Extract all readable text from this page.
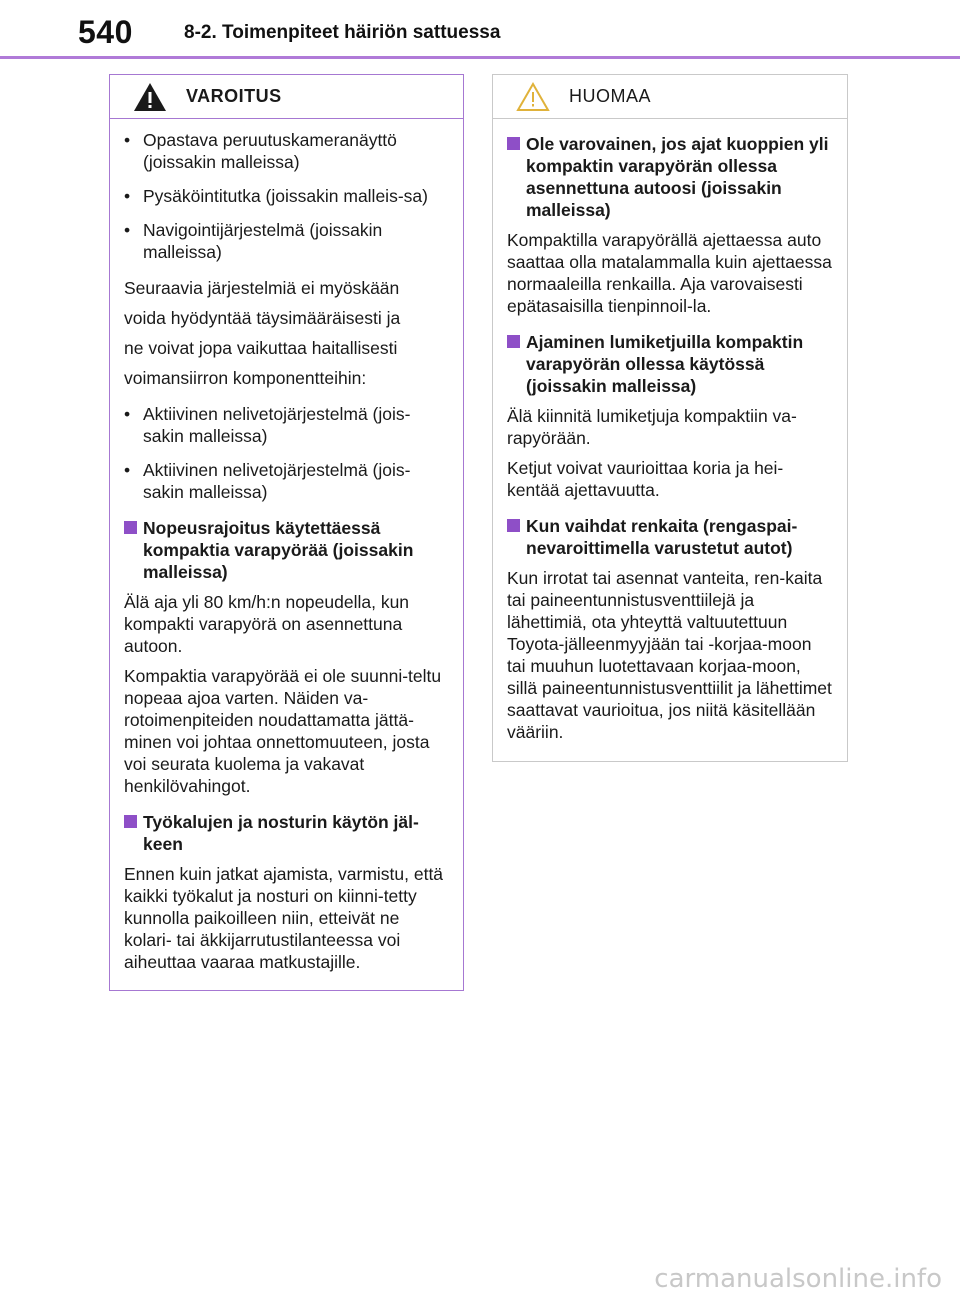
540	8-2. Toimenpiteet häiriön sattuessa
VAROITUS
• Opastava peruutuskameranäyttö (joissakin malleissa)
• Pysäköintitutka (joissakin malleis-sa)
• Navigointijärjestelmä (joissakin malleissa)
Seuraavia järjestelmiä ei myöskään
voida hyödyntää täysimääräisesti ja
ne voivat jopa vaikuttaa haitallisesti
voimansiirron komponentteihin:
• Aktiivinen nelivetojärjestelmä (jois-sakin malleissa)
• Aktiivinen nelivetojärjestelmä (jois-sakin malleissa)
Nopeusrajoitus käytettäessä kompaktia varapyörää (joissakin malleissa)
Älä aja yli 80 km/h:n nopeudella, kun kompakti varapyörä on asennettuna autoon.
Kompaktia varapyörää ei ole suunni-teltu nopeaa ajoa varten. Näiden va-rotoimenpiteiden noudattamatta jättä-minen voi johtaa onnettomuuteen, josta voi seurata kuolema ja vakavat henkilövahingot.
Työkalujen ja nosturin käytön jäl-keen
Ennen kuin jatkat ajamista, varmistu, että kaikki työkalut ja nosturi on kiinni-tetty kunnolla paikoilleen niin, etteivät ne kolari- tai äkkijarrutustilanteessa voi aiheuttaa vaaraa matkustajille.
HUOMAA
Ole varovainen, jos ajat kuoppien yli kompaktin varapyörän ollessa asennettuna autoosi (joissakin malleissa)
Kompaktilla varapyörällä ajettaessa auto saattaa olla matalammalla kuin ajettaessa normaaleilla renkailla. Aja varovaisesti epätasaisilla tienpinnoil-la.
Ajaminen lumiketjuilla kompaktin varapyörän ollessa käytössä (joissakin malleissa)
Älä kiinnitä lumiketjuja kompaktiin va-rapyörään.
Ketjut voivat vaurioittaa koria ja hei-kentää ajettavuutta.
Kun vaihdat renkaita (rengaspai-nevaroittimella varustetut autot)
Kun irrotat tai asennat vanteita, ren-kaita tai paineentunnistusventtiilejä ja lähettimiä, ota yhteyttä valtuutettuun Toyota-jälleenmyyjään tai -korjaa-moon tai muuhun luotettavaan korjaa-moon, sillä paineentunnistusventtiilit ja lähettimet saattavat vaurioitua, jos niitä käsitellään vääriin.
carmanualsonline.info
